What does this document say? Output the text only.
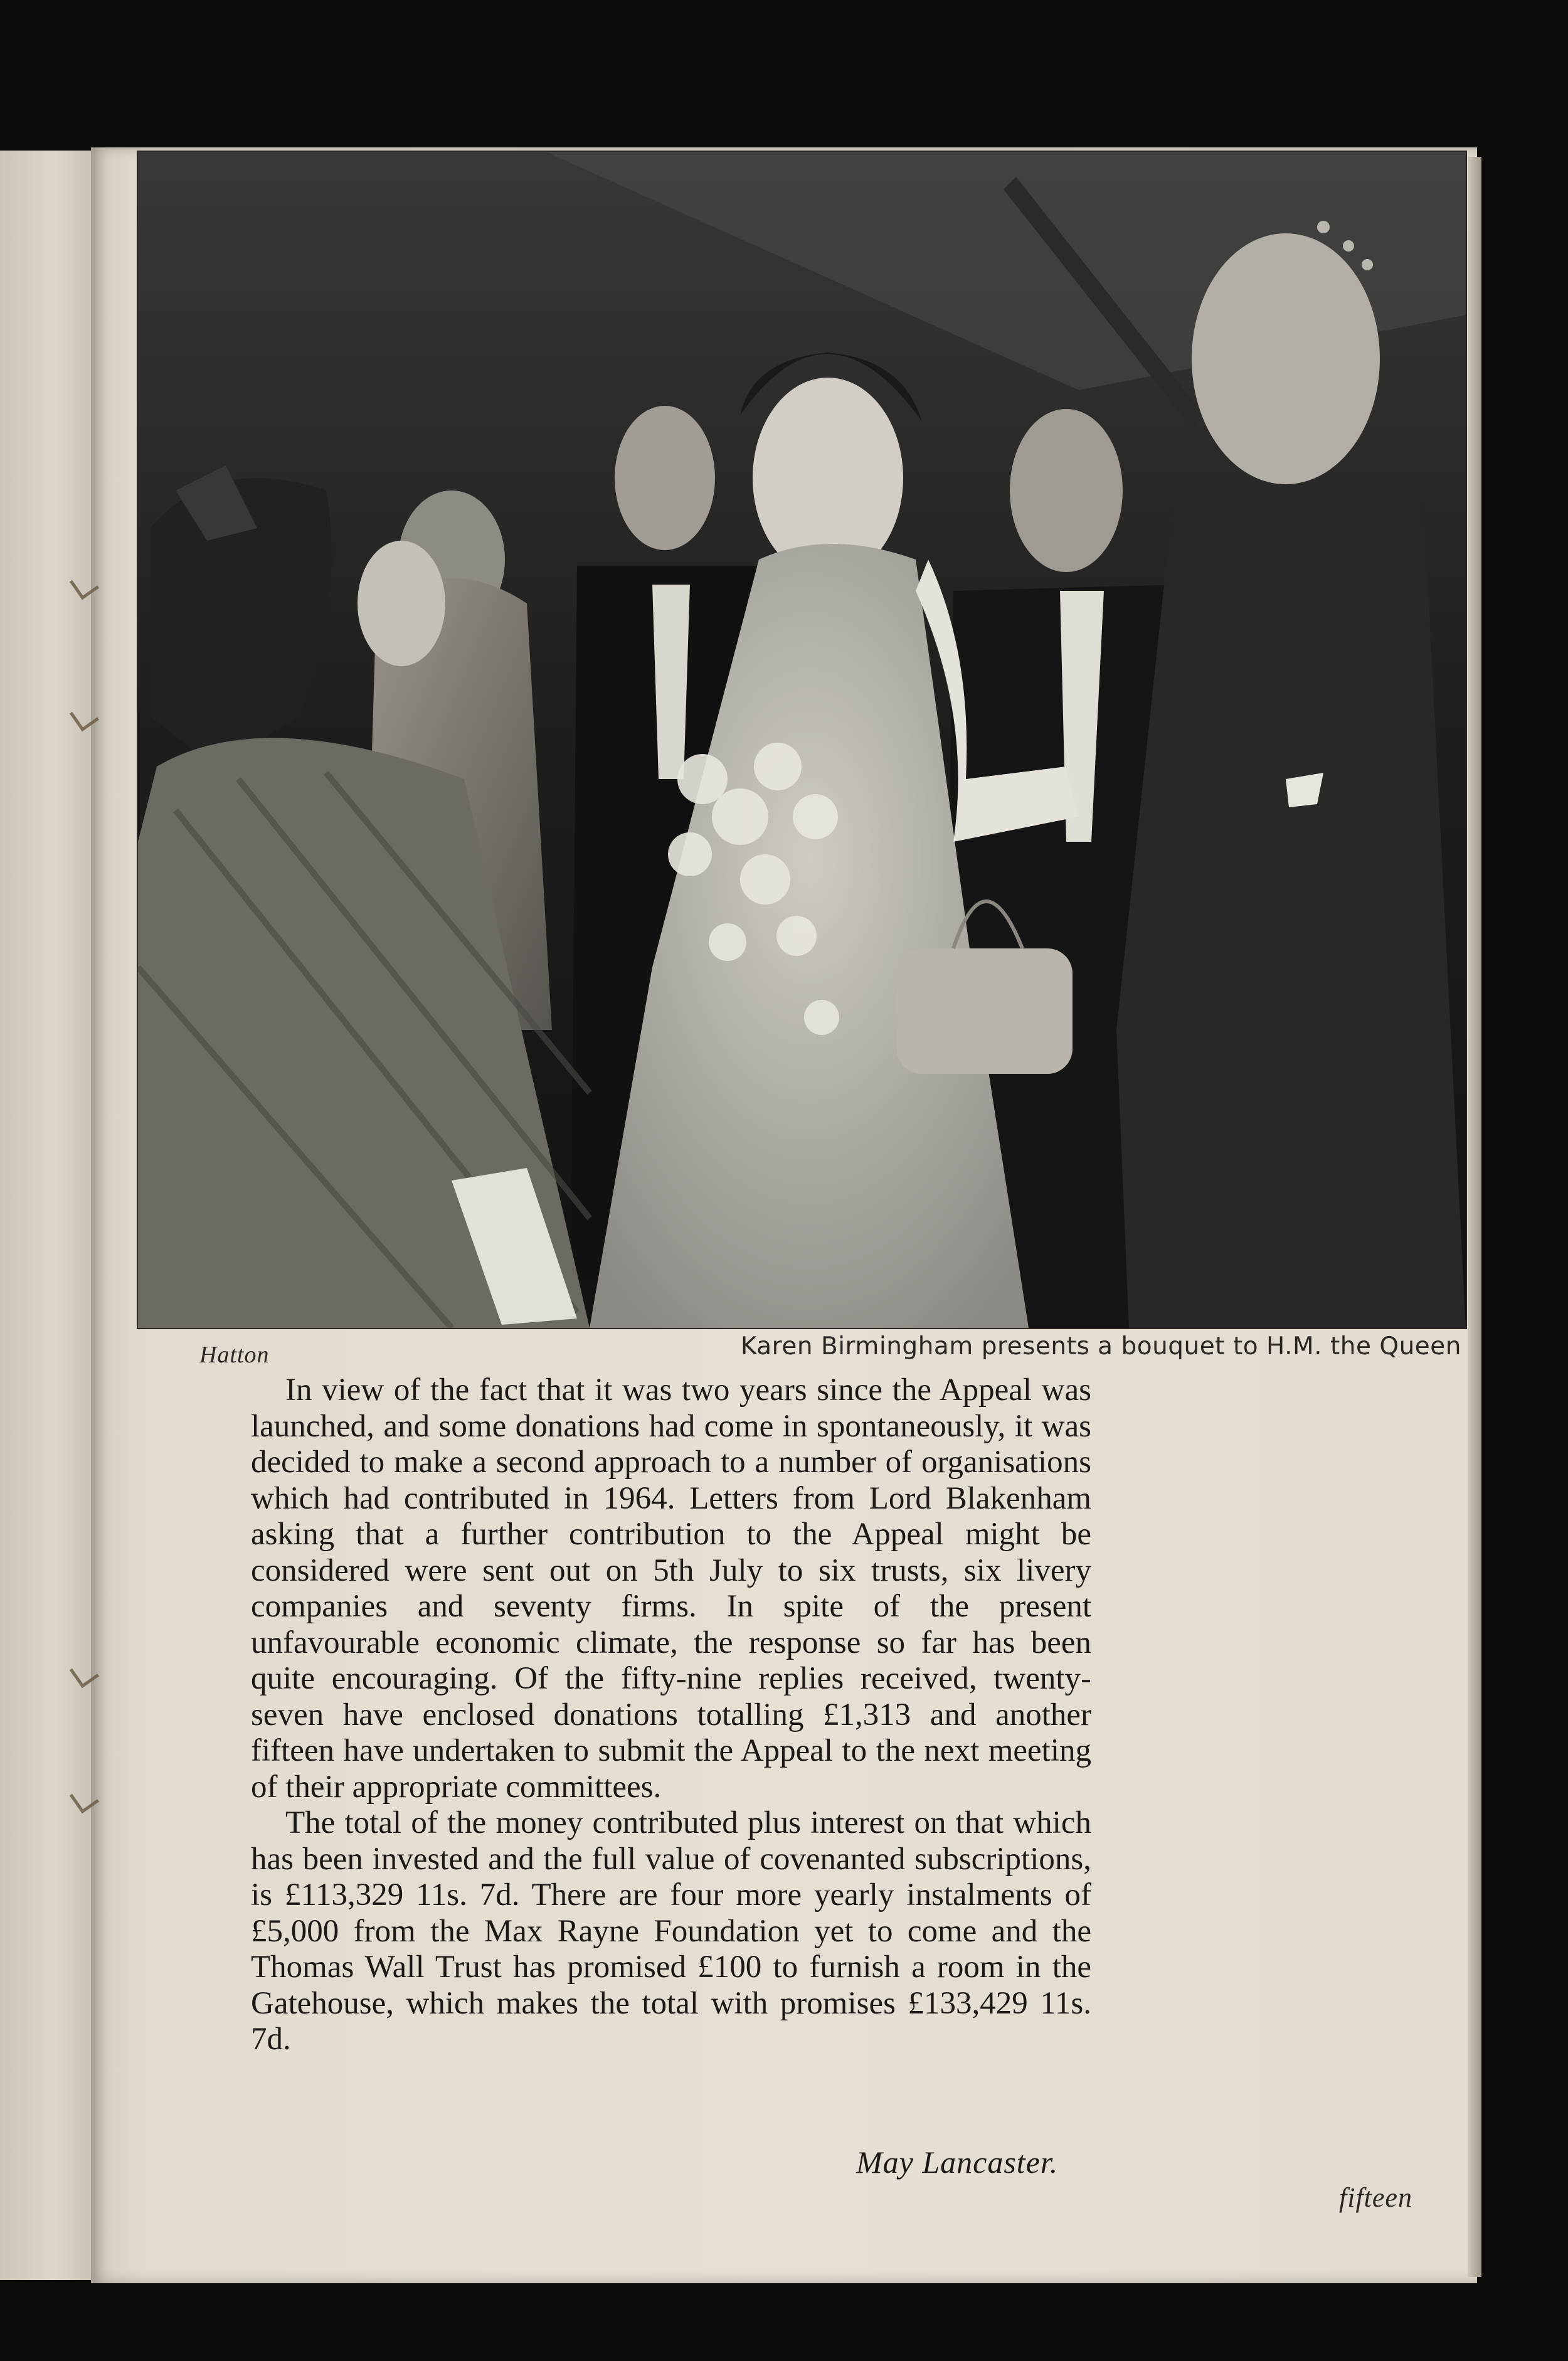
Hatton	Karen Birmingham presents a bouquet to H.M. the Queen

In view of the fact that it was two years since the Appeal was launched, and some donations had come in spontaneously, it was decided to make a second approach to a number of organisations which had contributed in 1964. Letters from Lord Blakenham asking that a further contribution to the Appeal might be considered were sent out on 5th July to six trusts, six livery companies and seventy firms. In spite of the present unfavourable economic climate, the response so far has been quite encouraging. Of the fifty-nine replies received, twenty-seven have enclosed donations totalling £1,313 and another fifteen have undertaken to submit the Appeal to the next meeting of their appropriate committees.

The total of the money contributed plus interest on that which has been invested and the full value of covenanted subscriptions, is £113,329 11s. 7d. There are four more yearly instalments of £5,000 from the Max Rayne Foundation yet to come and the Thomas Wall Trust has promised £100 to furnish a room in the Gatehouse, which makes the total with promises £133,429 11s. 7d.

May Lancaster.
fifteen
